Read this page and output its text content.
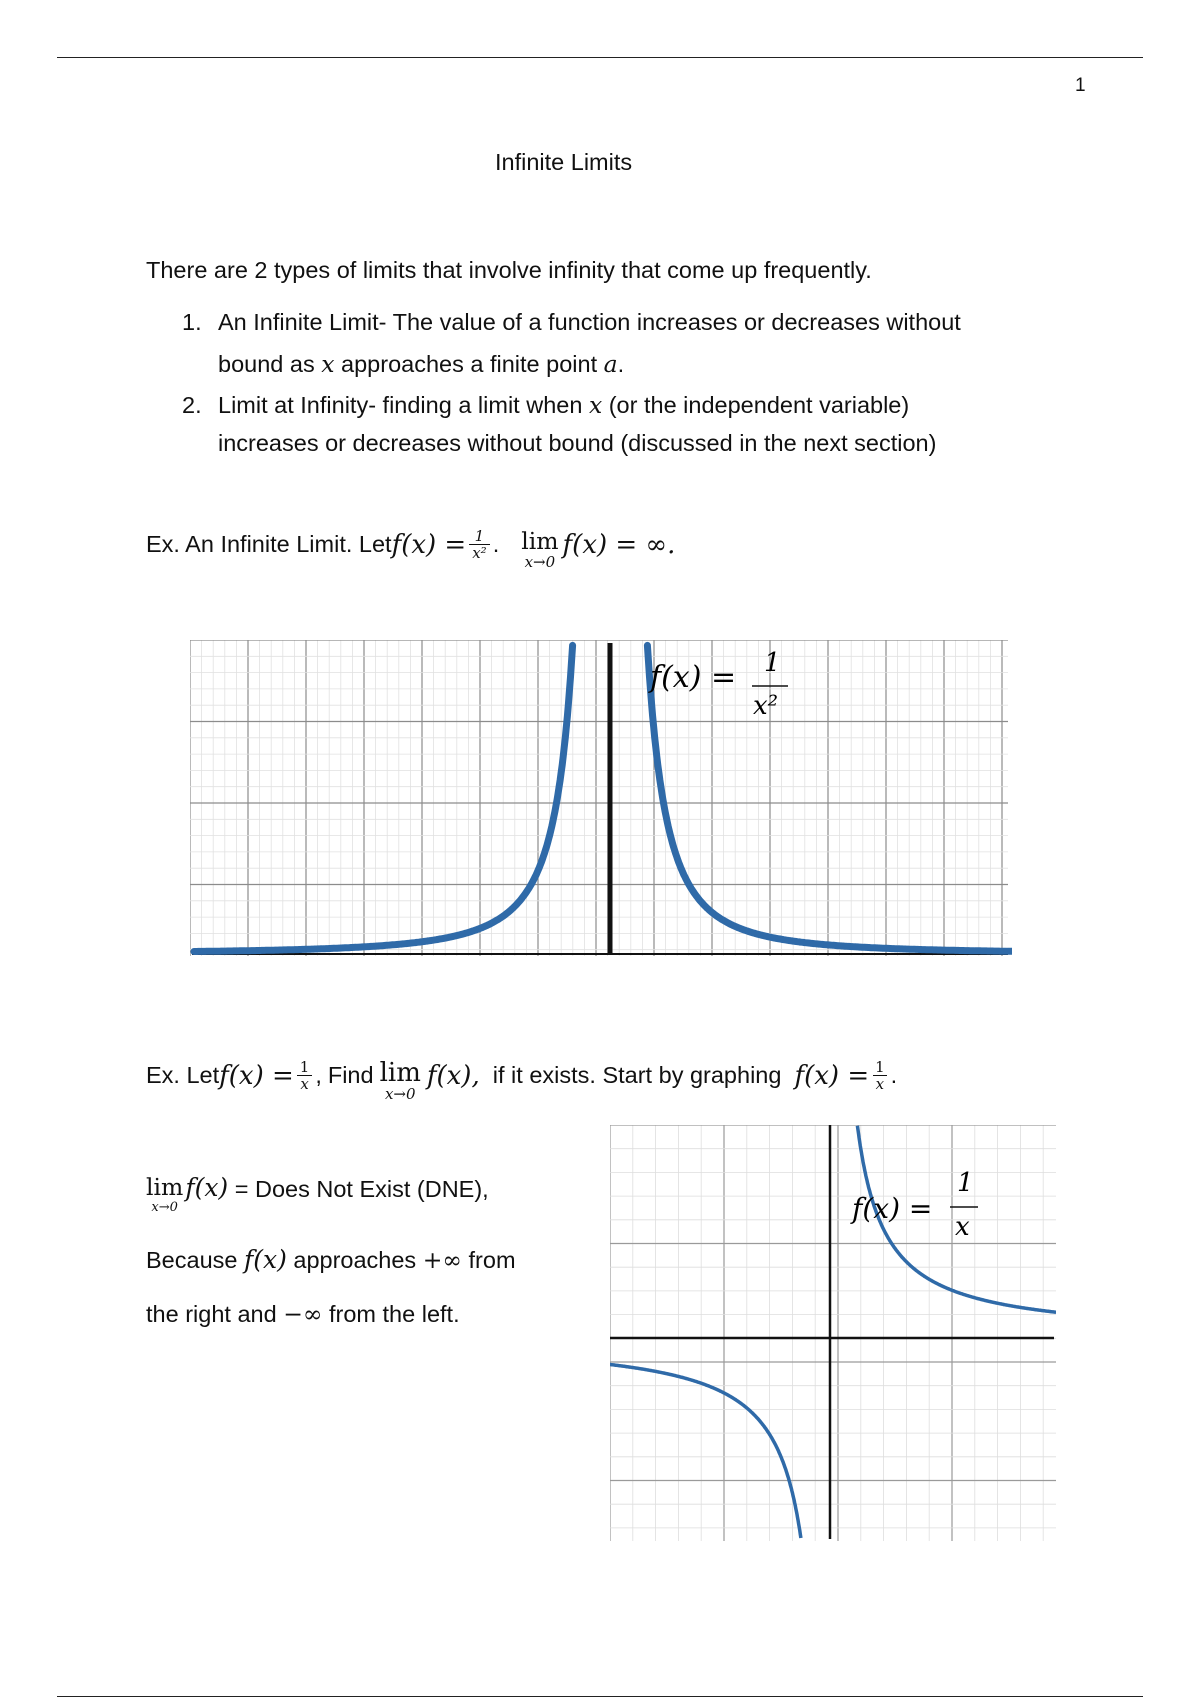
1
Infinite Limits
There are 2 types of limits that involve infinity that come up frequently.
1. An Infinite Limit- The value of a function increases or decreases without
bound as x approaches a finite point a.
2. Limit at Infinity- finding a limit when x (or the independent variable)
increases or decreases without bound (discussed in the next section)
Ex. An Infinite Limit. Let $f(x) = \frac{1}{\text{x²}}$ . lim
x→0
f(x) = ∞.
f(x) = 1
x²
Ex. Let $f(x) = \frac{1}{x}$ , Find lim
x→0
f(x), if it exists. Start by graphing $f(x) = \frac{1}{x}$ .
lim
x→0
f(x) = Does Not Exist (DNE),
Because f(x) approaches +∞ from
the right and −∞ from the left.
f(x) =
1
x
